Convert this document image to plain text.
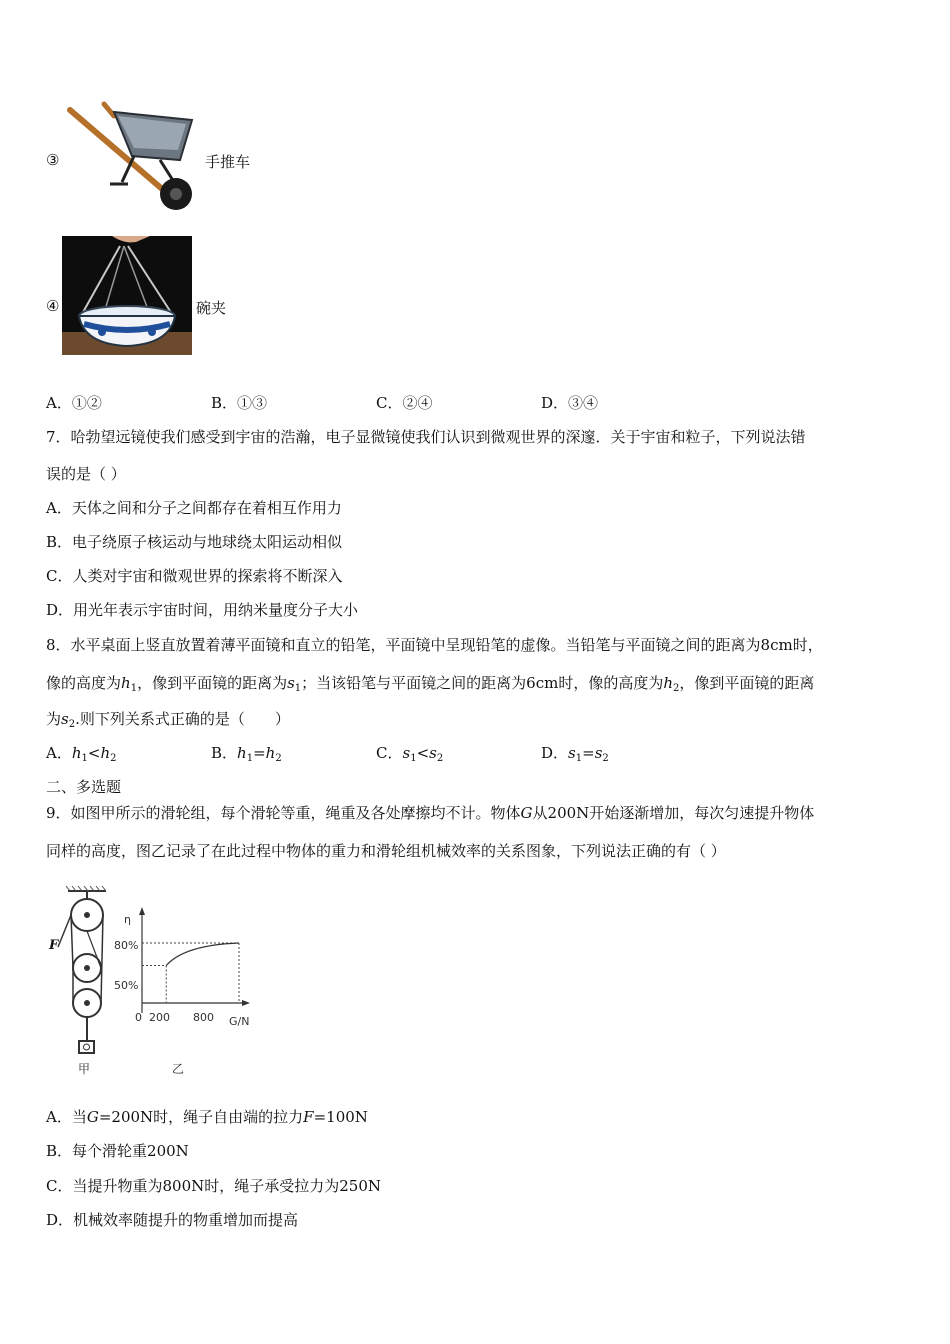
③	手推车
④	碗夹
A．①②	B．①③	C．②④	D．③④
7．哈勃望远镜使我们感受到宇宙的浩瀚，电子显微镜使我们认识到微观世界的深邃．关于宇宙和粒子，下列说法错
误的是（ ）
A．天体之间和分子之间都存在着相互作用力
B．电子绕原子核运动与地球绕太阳运动相似
C．人类对宇宙和微观世界的探索将不断深入
D．用光年表示宇宙时间，用纳米量度分子大小
8．水平桌面上竖直放置着薄平面镜和直立的铅笔，平面镜中呈现铅笔的虚像。当铅笔与平面镜之间的距离为8cm时，
像的高度为$h_1$，像到平面镜的距离为$s_1$；当该铅笔与平面镜之间的距离为6cm时，像的高度为$h_2$，像到平面镜的距离
为$s_2$.则下列关系式正确的是（　　）
A．$h_1<h_2$	B．$h_1=h_2$	C．$s_1<s_2$	D．$s_1=s_2$
二、多选题
9．如图甲所示的滑轮组，每个滑轮等重，绳重及各处摩擦均不计。物体G从200N开始逐渐增加，每次匀速提升物体
同样的高度，图乙记录了在此过程中物体的重力和滑轮组机械效率的关系图象，下列说法正确的有（ ）
F
甲
η
G/N
80%
50%
0 200 800
乙
A．当G=200N时，绳子自由端的拉力F=100N
B．每个滑轮重200N
C．当提升物重为800N时，绳子承受拉力为250N
D．机械效率随提升的物重增加而提高
